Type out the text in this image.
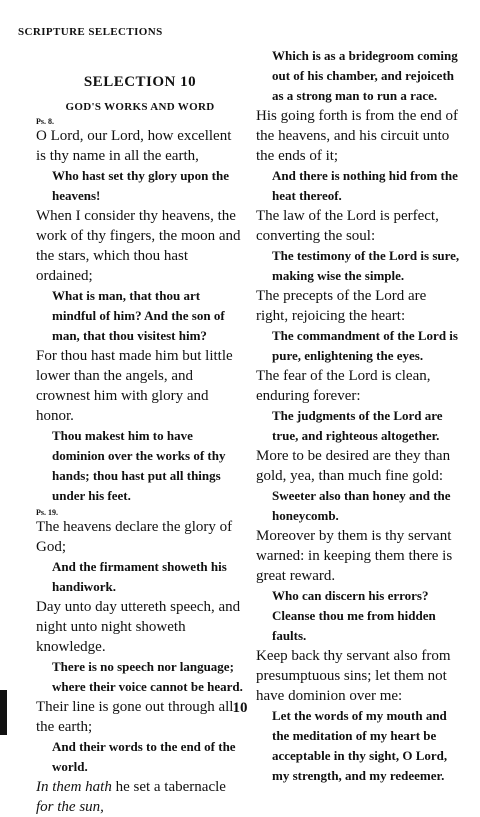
SCRIPTURE SELECTIONS
SELECTION 10
GOD'S WORKS AND WORD
Ps. 8.

O Lord, our Lord, how excellent is thy name in all the earth,

Who hast set thy glory upon the heavens!

When I consider thy heavens, the work of thy fingers, the moon and the stars, which thou hast ordained;

What is man, that thou art mindful of him? And the son of man, that thou visitest him?

For thou hast made him but little lower than the angels, and crownest him with glory and honor.

Thou makest him to have dominion over the works of thy hands; thou hast put all things under his feet.

Ps. 19.

The heavens declare the glory of God;

And the firmament showeth his handiwork.

Day unto day uttereth speech, and night unto night showeth knowledge.

There is no speech nor language; where their voice cannot be heard.

Their line is gone out through all the earth;

And their words to the end of the world.

In them hath he set a tabernacle
for the sun,

Which is as a bridegroom coming out of his chamber, and rejoiceth as a strong man to run a race.

His going forth is from the end of the heavens, and his circuit unto the ends of it;

And there is nothing hid from the heat thereof.

The law of the Lord is perfect, converting the soul:

The testimony of the Lord is sure, making wise the simple.

The precepts of the Lord are right, rejoicing the heart:

The commandment of the Lord is pure, enlightening the eyes.

The fear of the Lord is clean, enduring forever:

The judgments of the Lord are true, and righteous altogether.

More to be desired are they than gold, yea, than much fine gold:

Sweeter also than honey and the honeycomb.

Moreover by them is thy servant warned: in keeping them there is great reward.

Who can discern his errors? Cleanse thou me from hidden faults.

Keep back thy servant also from presumptuous sins; let them not have dominion over me:

Let the words of my mouth and the meditation of my heart be acceptable in thy sight, O Lord, my strength, and my redeemer.

10
